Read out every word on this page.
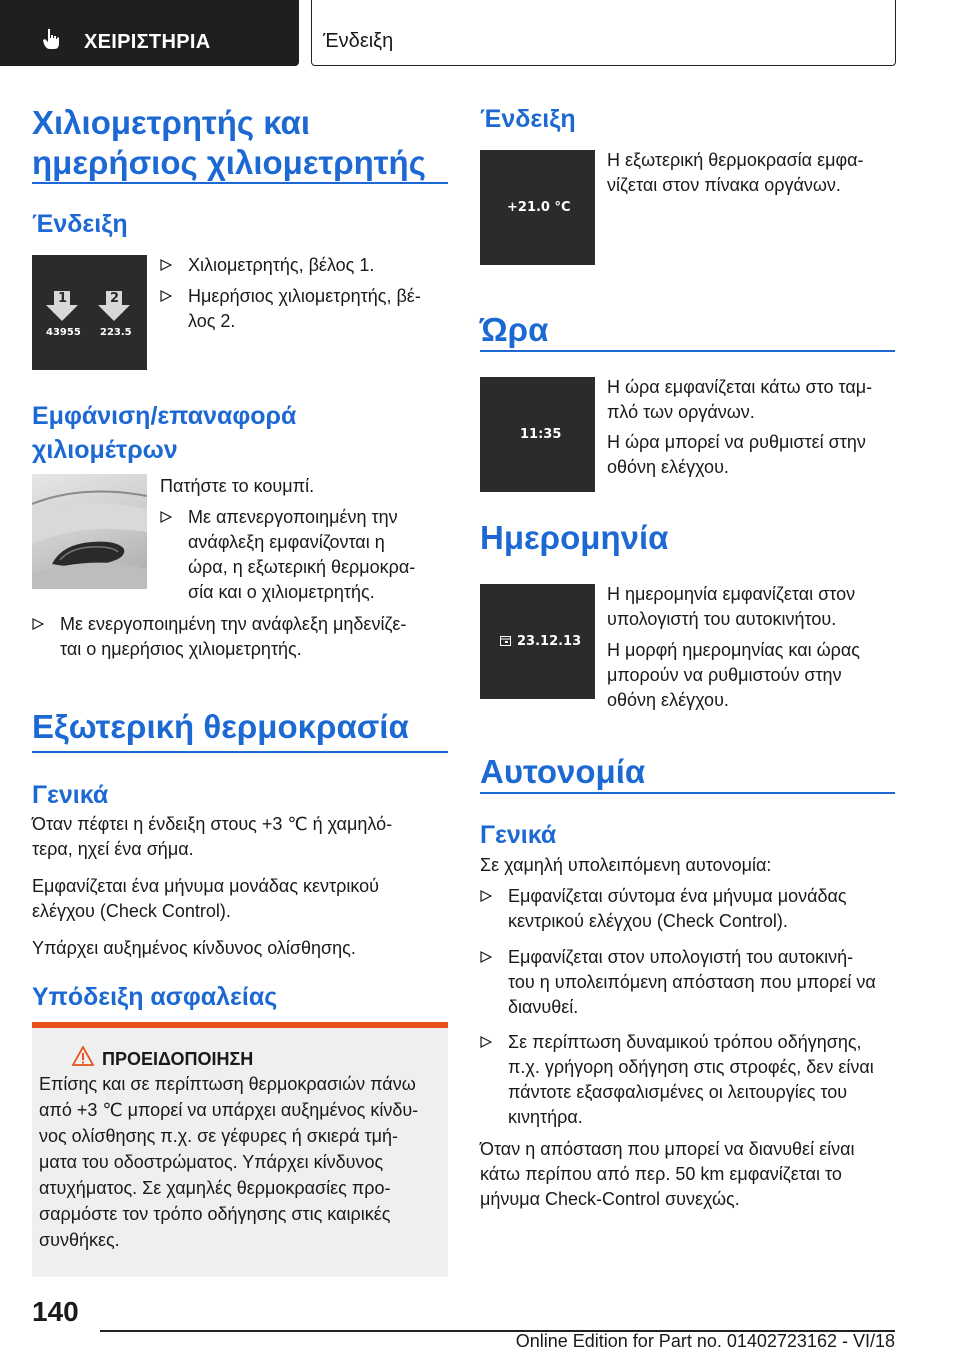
ΧΕΙΡΙΣΤΗΡΙΑ	Ένδειξη
Χιλιομετρητής και
ημερήσιος χιλιομετρητής
Ένδειξη
1	2
43955 223.5
Χιλιομετρητής, βέλος 1.
Ημερήσιος χιλιομετρητής, βέ-
λος 2.
Εμφάνιση/επαναφορά
χιλιομέτρων
Πατήστε το κουμπί.
Με απενεργοποιημένη την
ανάφλεξη εμφανίζονται η
ώρα, η εξωτερική θερμοκρα-
σία και ο χιλιομετρητής.
Με ενεργοποιημένη την ανάφλεξη μηδενίζε-
ται ο ημερήσιος χιλιομετρητής.
Εξωτερική θερμοκρασία
Γενικά
Όταν πέφτει η ένδειξη στους +3 ℃ ή χαμηλό-
τερα, ηχεί ένα σήμα.
Εμφανίζεται ένα μήνυμα μονάδας κεντρικού
ελέγχου (Check Control).
Υπάρχει αυξημένος κίνδυνος ολίσθησης.
Υπόδειξη ασφαλείας
ΠΡΟΕΙΔΟΠΟΙΗΣΗ
Επίσης και σε περίπτωση θερμοκρασιών πάνω
από +3 ℃ μπορεί να υπάρχει αυξημένος κίνδυ-
νος ολίσθησης π.χ. σε γέφυρες ή σκιερά τμή-
ματα του οδοστρώματος. Υπάρχει κίνδυνος
ατυχήματος. Σε χαμηλές θερμοκρασίες προ-
σαρμόστε τον τρόπο οδήγησης στις καιρικές
συνθήκες.
Ένδειξη
+21.0 °C
Η εξωτερική θερμοκρασία εμφα-
νίζεται στον πίνακα οργάνων.
Ώρα
11:35
Η ώρα εμφανίζεται κάτω στο ταμ-
πλό των οργάνων.
Η ώρα μπορεί να ρυθμιστεί στην
οθόνη ελέγχου.
Ημερομηνία
23.12.13
Η ημερομηνία εμφανίζεται στον
υπολογιστή του αυτοκινήτου.
Η μορφή ημερομηνίας και ώρας
μπορούν να ρυθμιστούν στην
οθόνη ελέγχου.
Αυτονομία
Γενικά
Σε χαμηλή υπολειπόμενη αυτονομία:
Εμφανίζεται σύντομα ένα μήνυμα μονάδας
κεντρικού ελέγχου (Check Control).
Εμφανίζεται στον υπολογιστή του αυτοκινή-
του η υπολειπόμενη απόσταση που μπορεί να
διανυθεί.
Σε περίπτωση δυναμικού τρόπου οδήγησης,
π.χ. γρήγορη οδήγηση στις στροφές, δεν είναι
πάντοτε εξασφαλισμένες οι λειτουργίες του
κινητήρα.
Όταν η απόσταση που μπορεί να διανυθεί είναι
κάτω περίπου από περ. 50 km εμφανίζεται το
μήνυμα Check-Control συνεχώς.
140
Online Edition for Part no. 01402723162 - VI/18
